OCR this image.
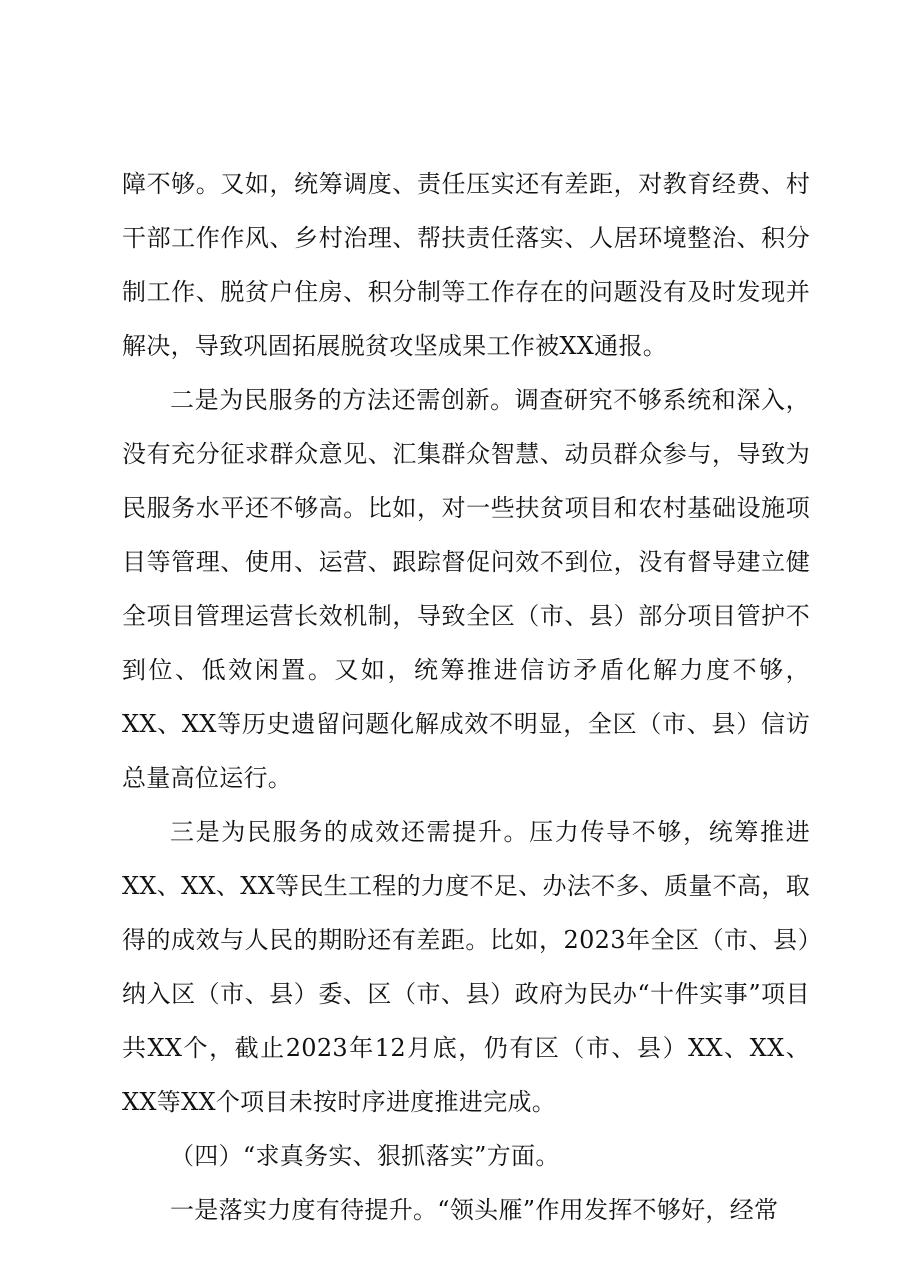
障不够。又如，统筹调度、责任压实还有差距，对教育经费、村干部工作作风、乡村治理、帮扶责任落实、人居环境整治、积分制工作、脱贫户住房、积分制等工作存在的问题没有及时发现并解决，导致巩固拓展脱贫攻坚成果工作被XX通报。

二是为民服务的方法还需创新。调查研究不够系统和深入，没有充分征求群众意见、汇集群众智慧、动员群众参与，导致为民服务水平还不够高。比如，对一些扶贫项目和农村基础设施项目等管理、使用、运营、跟踪督促问效不到位，没有督导建立健全项目管理运营长效机制，导致全区（市、县）部分项目管护不到位、低效闲置。又如，统筹推进信访矛盾化解力度不够，XX、XX等历史遗留问题化解成效不明显，全区（市、县）信访总量高位运行。

三是为民服务的成效还需提升。压力传导不够，统筹推进XX、XX、XX等民生工程的力度不足、办法不多、质量不高，取得的成效与人民的期盼还有差距。比如，2023年全区（市、县）纳入区（市、县）委、区（市、县）政府为民办“十件实事”项目共XX个，截止2023年12月底，仍有区（市、县）XX、XX、XX等XX个项目未按时序进度推进完成。

（四）“求真务实、狠抓落实”方面。

一是落实力度有待提升。“领头雁”作用发挥不够好，经常
